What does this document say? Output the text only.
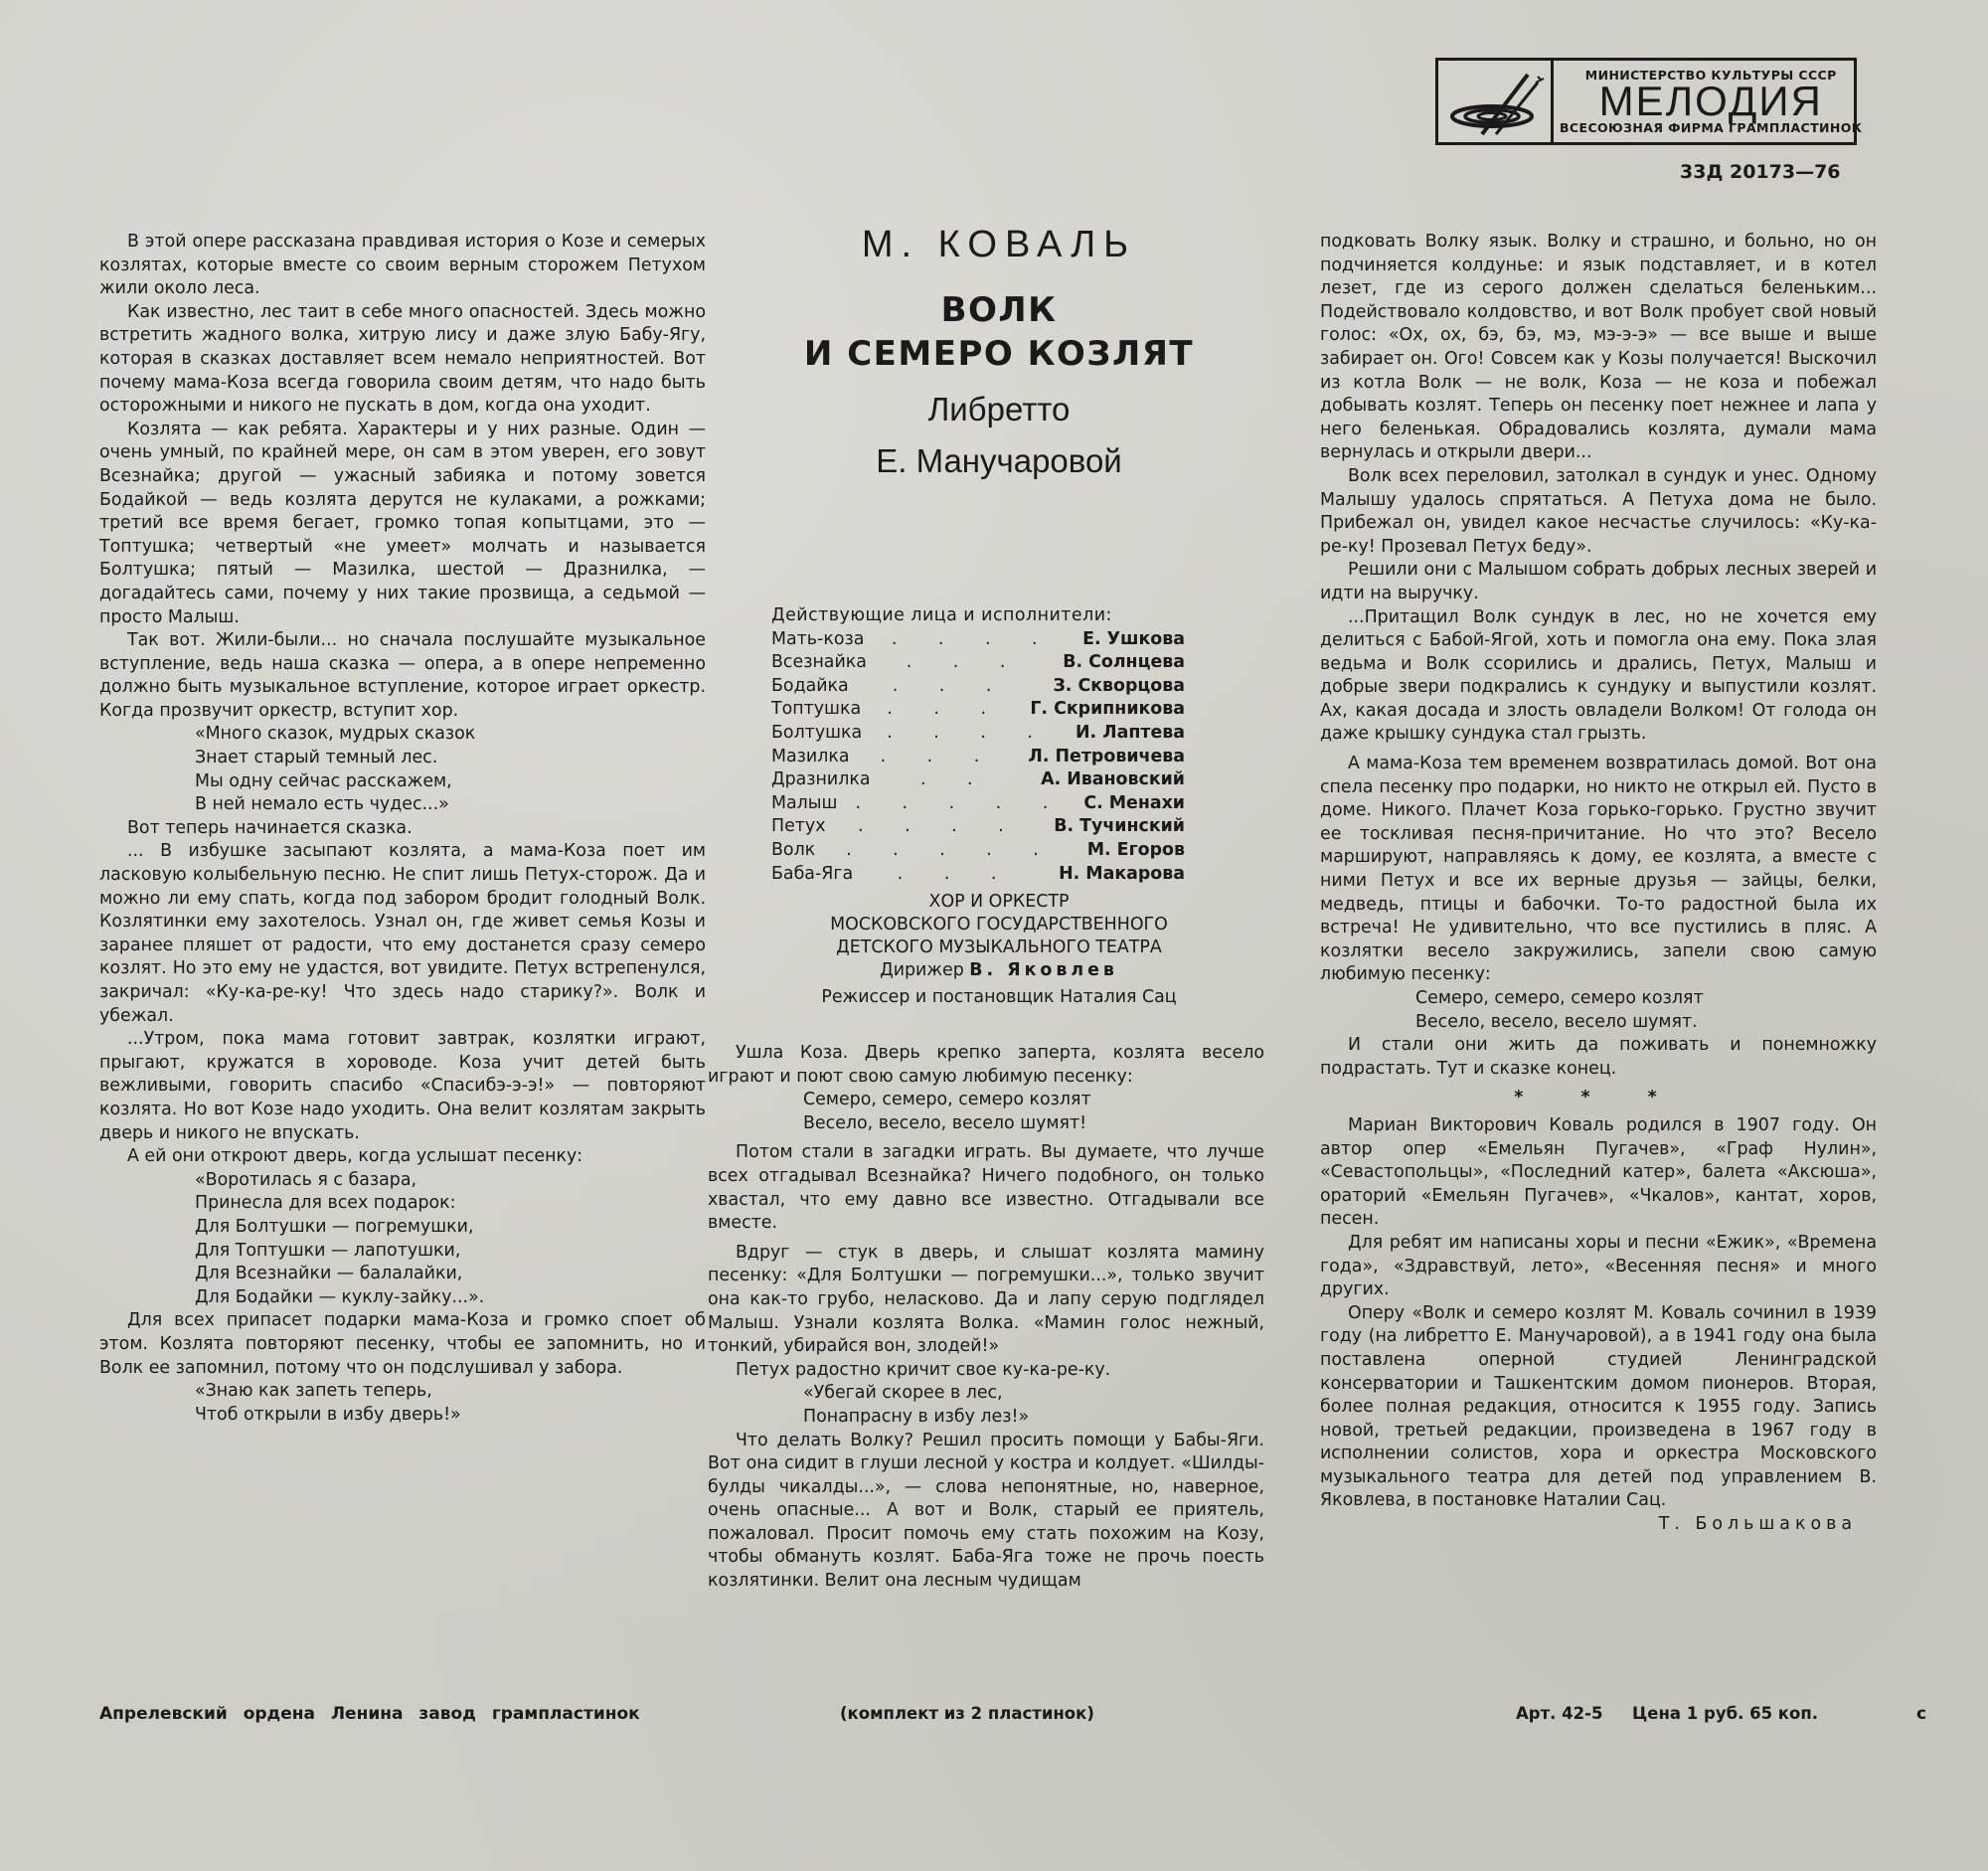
МИНИСТЕРСТВО КУЛЬТУРЫ СССР
МЕЛОДИЯ
ВСЕСОЮЗНАЯ ФИРМА ГРАМПЛАСТИНОК
33Д 20173—76

В этой опере рассказана правдивая история о Козе и семерых козлятах, которые вместе со своим верным сторожем Петухом жили около леса.

Как известно, лес таит в себе много опасностей. Здесь можно встретить жадного волка, хитрую лису и даже злую Бабу-Ягу, которая в сказках доставляет всем немало неприятностей. Вот почему мама-Коза всегда говорила своим детям, что надо быть осторожными и никого не пускать в дом, когда она уходит.

Козлята — как ребята. Характеры и у них разные. Один — очень умный, по крайней мере, он сам в этом уверен, его зовут Всезнайка; другой — ужасный забияка и потому зовется Бодайкой — ведь козлята дерутся не кулаками, а рожками; третий все время бегает, громко топая копытцами, это — Топтушка; четвертый «не умеет» молчать и называется Болтушка; пятый — Мазилка, шестой — Дразнилка, — догадайтесь сами, почему у них такие прозвища, а седьмой — просто Малыш.

Так вот. Жили-были... но сначала послушайте музыкальное вступление, ведь наша сказка — опера, а в опере непременно должно быть музыкальное вступление, которое играет оркестр. Когда прозвучит оркестр, вступит хор.

«Много сказок, мудрых сказок
Знает старый темный лес.
Мы одну сейчас расскажем,
В ней немало есть чудес...»

Вот теперь начинается сказка.

... В избушке засыпают козлята, а мама-Коза поет им ласковую колыбельную песню. Не спит лишь Петух-сторож. Да и можно ли ему спать, когда под забором бродит голодный Волк. Козлятинки ему захотелось. Узнал он, где живет семья Козы и заранее пляшет от радости, что ему достанется сразу семеро козлят. Но это ему не удастся, вот увидите. Петух встрепенулся, закричал: «Ку-ка-ре-ку! Что здесь надо старику?». Волк и убежал.

...Утром, пока мама готовит завтрак, козлятки играют, прыгают, кружатся в хороводе. Коза учит детей быть вежливыми, говорить спасибо «Спасибэ-э-э!» — повторяют козлята. Но вот Козе надо уходить. Она велит козлятам закрыть дверь и никого не впускать.

А ей они откроют дверь, когда услышат песенку:

«Воротилась я с базара,
Принесла для всех подарок:
Для Болтушки — погремушки,
Для Топтушки — лапотушки,
Для Всезнайки — балалайки,
Для Бодайки — куклу-зайку...».

Для всех припасет подарки мама-Коза и громко споет об этом. Козлята повторяют песенку, чтобы ее запомнить, но и Волк ее запомнил, потому что он подслушивал у забора.

«Знаю как запеть теперь,
Чтоб открыли в избу дверь!»
М. КОВАЛЬ
ВОЛК
И СЕМЕРО КОЗЛЯТ
Либретто
Е. Манучаровой
Действующие лица и исполнители:
Мать-коза	. . . .	Е. Ушкова
Всезнайка	. . .	В. Солнцева
Бодайка	. . .	З. Скворцова
Топтушка	. . .	Г. Скрипникова
Болтушка	. . . .	И. Лаптева
Мазилка	. . .	Л. Петровичева
Дразнилка	. .	А. Ивановский
Малыш	. . . . .	С. Менахи
Петух	. . . .	В. Тучинский
Волк	. . . . .	М. Егоров
Баба-Яга	. . .	Н. Макарова
ХОР И ОРКЕСТР
МОСКОВСКОГО ГОСУДАРСТВЕННОГО
ДЕТСКОГО МУЗЫКАЛЬНОГО ТЕАТРА
Дирижер В. Яковлев
Режиссер и постановщик Наталия Сац

Ушла Коза. Дверь крепко заперта, козлята весело играют и поют свою самую любимую песенку:

Семеро, семеро, семеро козлят
Весело, весело, весело шумят!

Потом стали в загадки играть. Вы думаете, что лучше всех отгадывал Всезнайка? Ничего подобного, он только хвастал, что ему давно все известно. Отгадывали все вместе.

Вдруг — стук в дверь, и слышат козлята мамину песенку: «Для Болтушки — погремушки...», только звучит она как-то грубо, неласково. Да и лапу серую подглядел Малыш. Узнали козлята Волка. «Мамин голос нежный, тонкий, убирайся вон, злодей!»

Петух радостно кричит свое ку-ка-ре-ку.

«Убегай скорее в лес,
Понапрасну в избу лез!»

Что делать Волку? Решил просить помощи у Бабы-Яги. Вот она сидит в глуши лесной у костра и колдует. «Шилды-булды чикалды...», — слова непонятные, но, наверное, очень опасные... А вот и Волк, старый ее приятель, пожаловал. Просит помочь ему стать похожим на Козу, чтобы обмануть козлят. Баба-Яга тоже не прочь поесть козлятинки. Велит она лесным чудищам

подковать Волку язык. Волку и страшно, и больно, но он подчиняется колдунье: и язык подставляет, и в котел лезет, где из серого должен сделаться беленьким... Подействовало колдовство, и вот Волк пробует свой новый голос: «Ох, ох, бэ, бэ, мэ, мэ-э-э» — все выше и выше забирает он. Ого! Совсем как у Козы получается! Выскочил из котла Волк — не волк, Коза — не коза и побежал добывать козлят. Теперь он песенку поет нежнее и лапа у него беленькая. Обрадовались козлята, думали мама вернулась и открыли двери...

Волк всех переловил, затолкал в сундук и унес. Одному Малышу удалось спрятаться. А Петуха дома не было. Прибежал он, увидел какое несчастье случилось: «Ку-ка-ре-ку! Прозевал Петух беду».

Решили они с Малышом собрать добрых лесных зверей и идти на выручку.

...Притащил Волк сундук в лес, но не хочется ему делиться с Бабой-Ягой, хоть и помогла она ему. Пока злая ведьма и Волк ссорились и дрались, Петух, Малыш и добрые звери подкрались к сундуку и выпустили козлят. Ах, какая досада и злость овладели Волком! От голода он даже крышку сундука стал грызть.

А мама-Коза тем временем возвратилась домой. Вот она спела песенку про подарки, но никто не открыл ей. Пусто в доме. Никого. Плачет Коза горько-горько. Грустно звучит ее тоскливая песня-причитание. Но что это? Весело маршируют, направляясь к дому, ее козлята, а вместе с ними Петух и все их верные друзья — зайцы, белки, медведь, птицы и бабочки. То-то радостной была их встреча! Не удивительно, что все пустились в пляс. А козлятки весело закружились, запели свою самую любимую песенку:

Семеро, семеро, семеро козлят
Весело, весело, весело шумят.

И стали они жить да поживать и понемножку подрастать. Тут и сказке конец.

* * *

Мариан Викторович Коваль родился в 1907 году. Он автор опер «Емельян Пугачев», «Граф Нулин», «Севастопольцы», «Последний катер», балета «Аксюша», ораторий «Емельян Пугачев», «Чкалов», кантат, хоров, песен.

Для ребят им написаны хоры и песни «Ежик», «Времена года», «Здравствуй, лето», «Весенняя песня» и много других.

Оперу «Волк и семеро козлят М. Коваль сочинил в 1939 году (на либретто Е. Манучаровой), а в 1941 году она была поставлена оперной студией Ленинградской консерватории и Ташкентским домом пионеров. Вторая, более полная редакция, относится к 1955 году. Запись новой, третьей редакции, произведена в 1967 году в исполнении солистов, хора и оркестра Московского музыкального театра для детей под управлением В. Яковлева, в постановке Наталии Сац.

Т. Большакова
Апрелевский ордена Ленина завод грампластинок	(комплект из 2 пластинок)	Арт. 42-5 Цена 1 руб. 65 коп.	с
